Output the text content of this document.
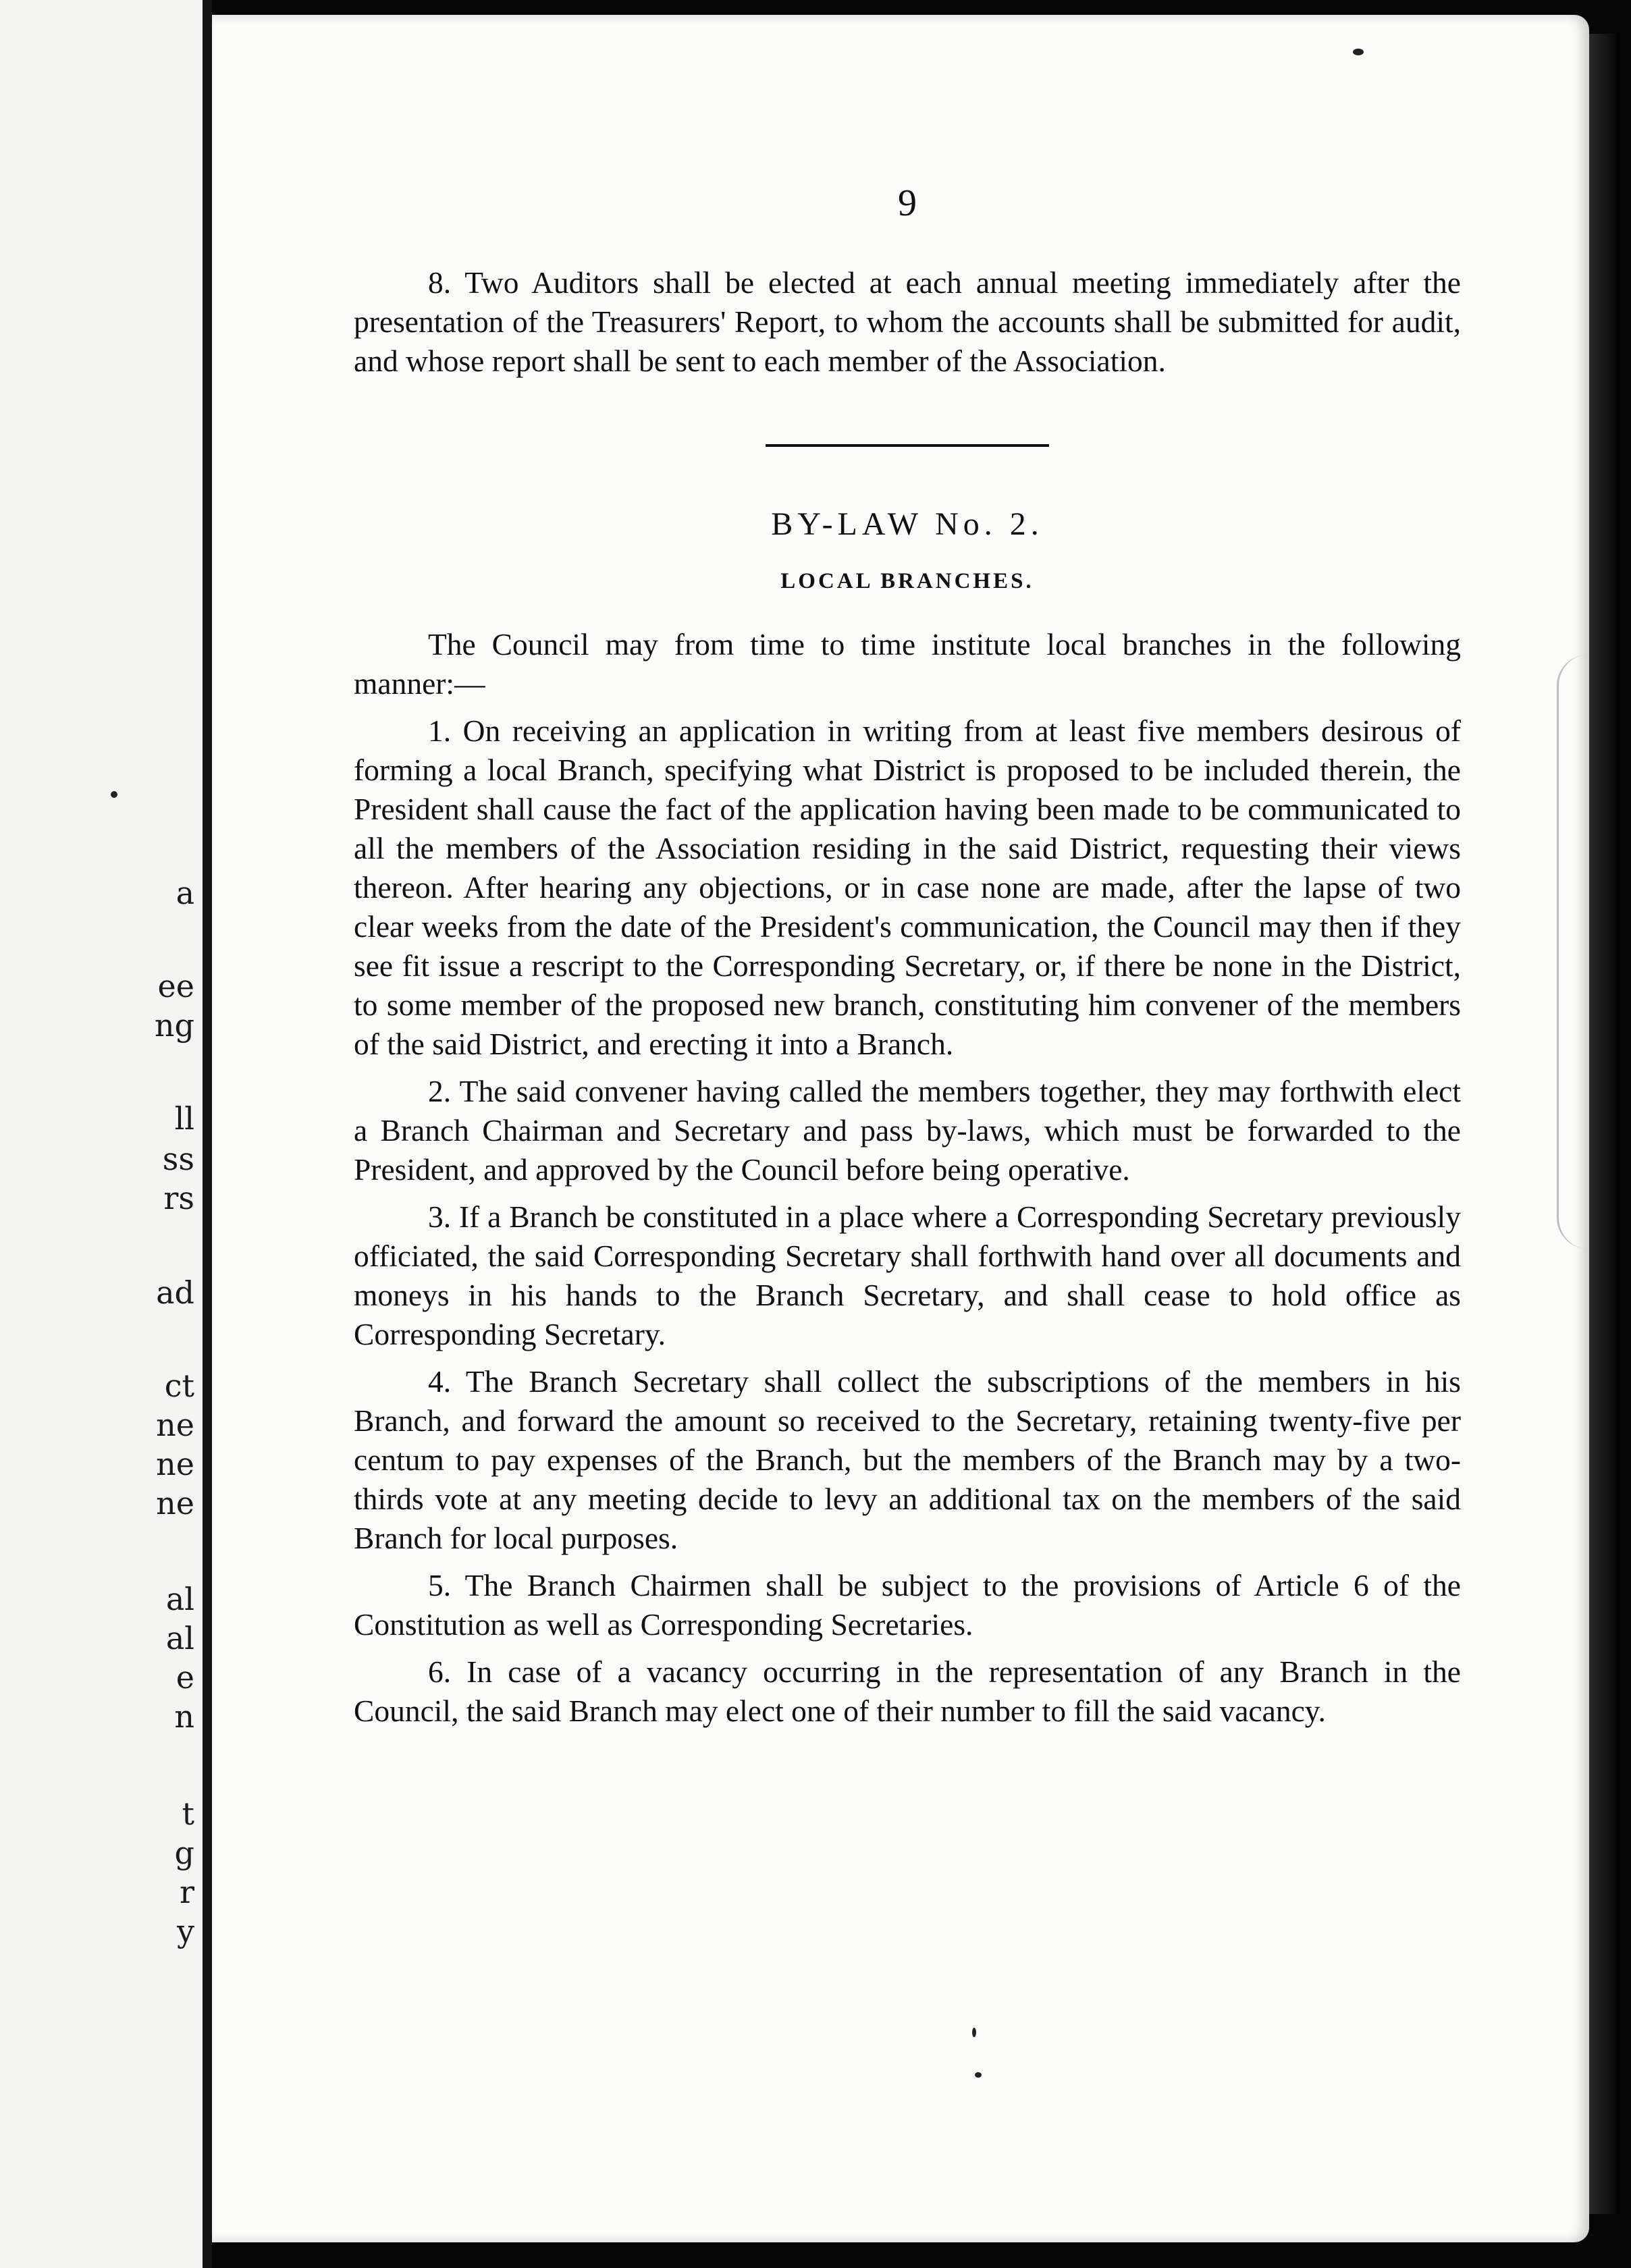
a
ee
ng
ll
ss
rs
ad
ct
ne
ne
ne
al
al
e
n
t
g
r
y
9

8. Two Auditors shall be elected at each annual meeting immediately after the presentation of the Treasurers' Report, to whom the accounts shall be submitted for audit, and whose report shall be sent to each member of the Association.

BY-LAW No. 2.

LOCAL BRANCHES.

The Council may from time to time institute local branches in the following manner:—

1. On receiving an application in writing from at least five members desirous of forming a local Branch, specifying what District is proposed to be included therein, the President shall cause the fact of the application having been made to be communicated to all the members of the Association residing in the said District, requesting their views thereon. After hearing any objections, or in case none are made, after the lapse of two clear weeks from the date of the President's communication, the Council may then if they see fit issue a rescript to the Corresponding Secretary, or, if there be none in the District, to some member of the proposed new branch, constituting him convener of the members of the said District, and erecting it into a Branch.

2. The said convener having called the members together, they may forthwith elect a Branch Chairman and Secretary and pass by-laws, which must be forwarded to the President, and approved by the Council before being operative.

3. If a Branch be constituted in a place where a Corresponding Secretary previously officiated, the said Corresponding Secretary shall forthwith hand over all documents and moneys in his hands to the Branch Secretary, and shall cease to hold office as Corresponding Secretary.

4. The Branch Secretary shall collect the subscriptions of the members in his Branch, and forward the amount so received to the Secretary, retaining twenty-five per centum to pay expenses of the Branch, but the members of the Branch may by a two-thirds vote at any meeting decide to levy an additional tax on the members of the said Branch for local purposes.

5. The Branch Chairmen shall be subject to the provisions of Article 6 of the Constitution as well as Corresponding Secretaries.

6. In case of a vacancy occurring in the representation of any Branch in the Council, the said Branch may elect one of their number to fill the said vacancy.
